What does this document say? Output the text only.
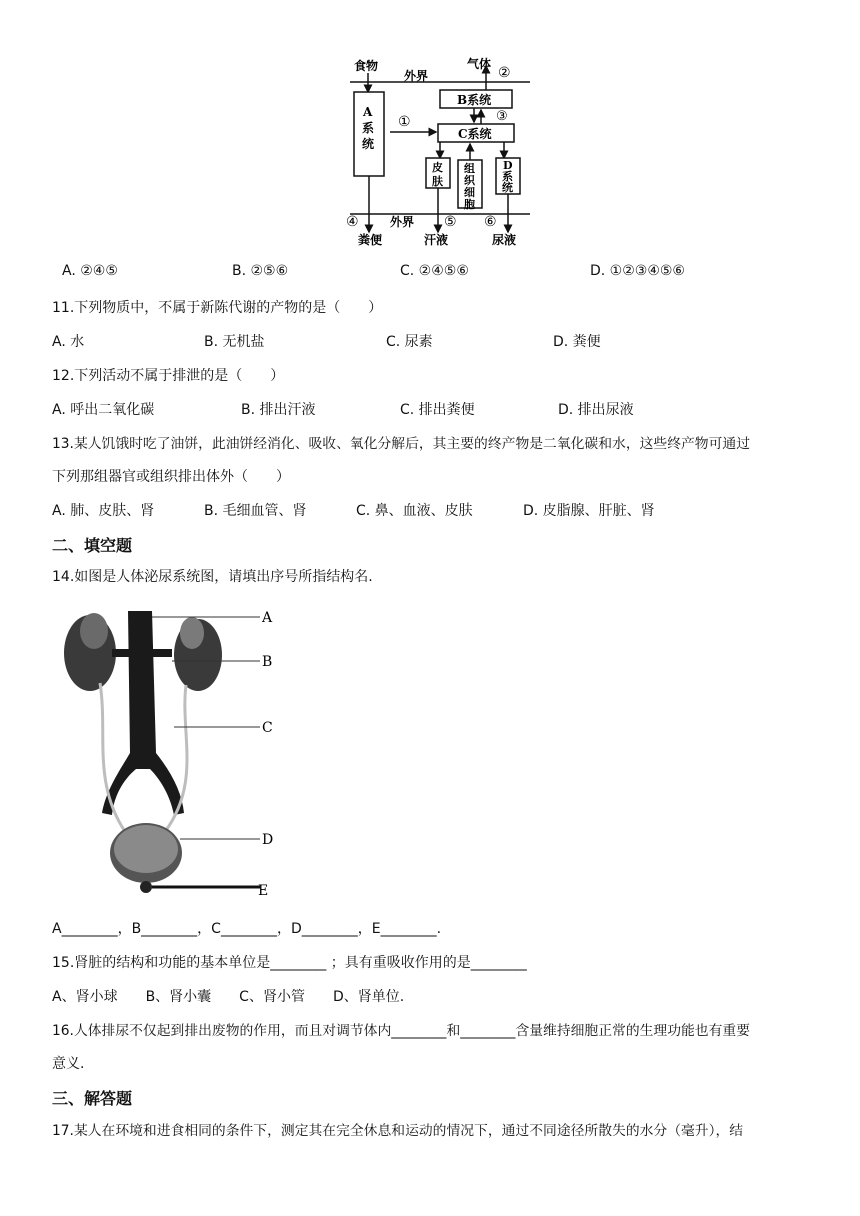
食物
外界
气体
②
B系统
③
A 系统
①
C系统
皮肤
组织细胞
D 系统
④	外界 ⑤ ⑥
粪便	汗液	尿液
A. ②④⑤	B. ②⑤⑥	C. ②④⑤⑥	D. ①②③④⑤⑥
11.下列物质中，不属于新陈代谢的产物的是（　　）
A. 水	B. 无机盐	C. 尿素	D. 粪便
12.下列活动不属于排泄的是（　　）
A. 呼出二氧化碳	B. 排出汗液	C. 排出粪便	D. 排出尿液
13.某人饥饿时吃了油饼，此油饼经消化、吸收、氧化分解后，其主要的终产物是二氧化碳和水，这些终产物可通过
下列那组器官或组织排出体外（　　）
A. 肺、皮肤、肾	B. 毛细血管、肾	C. 鼻、血液、皮肤	D. 皮脂腺、肝脏、肾
二、填空题
14.如图是人体泌尿系统图，请填出序号所指结构名.
A
B
C
D
E
A________，B________，C________，D________，E________.
15.肾脏的结构和功能的基本单位是________ ；具有重吸收作用的是________
A、肾小球　　B、肾小囊　　C、肾小管　　D、肾单位.
16.人体排尿不仅起到排出废物的作用，而且对调节体内________和________含量维持细胞正常的生理功能也有重要
意义.
三、解答题
17.某人在环境和进食相同的条件下，测定其在完全休息和运动的情况下，通过不同途径所散失的水分（毫升），结
